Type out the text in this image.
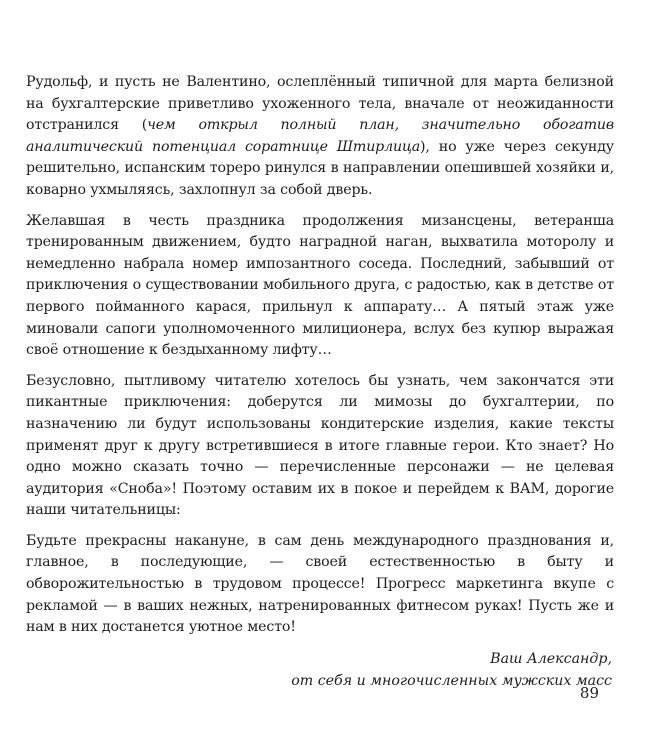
Рудольф, и пусть не Валентино, ослеплённый типичной для марта белизной на бухгалтерские приветливо ухоженного тела, вначале от неожиданности отстранился (чем открыл полный план, значительно обогатив аналитический потенциал соратнице Штирлица), но уже через секунду решительно, испанским тореро ринулся в направлении опешившей хозяйки и, коварно ухмыляясь, захлопнул за собой дверь.

Желавшая в честь праздника продолжения мизансцены, ветеранша тренированным движением, будто наградной наган, выхватила моторолу и немедленно набрала номер импозантного соседа. Последний, забывший от приключения о существовании мобильного друга, с радостью, как в детстве от первого пойманного карася, прильнул к аппарату… А пятый этаж уже миновали сапоги уполномоченного милиционера, вслух без купюр выражая своё отношение к бездыханному лифту…

Безусловно, пытливому читателю хотелось бы узнать, чем закончатся эти пикантные приключения: доберутся ли мимозы до бухгалтерии, по назначению ли будут использованы кондитерские изделия, какие тексты применят друг к другу встретившиеся в итоге главные герои. Кто знает? Но одно можно сказать точно — перечисленные персонажи — не целевая аудитория «Сноба»! Поэтому оставим их в покое и перейдем к ВАМ, дорогие наши читательницы:

Будьте прекрасны накануне, в сам день международного празднования и, главное, в последующие, — своей естественностью в быту и обворожительностью в трудовом процессе! Прогресс маркетинга вкупе с рекламой — в ваших нежных, натренированных фитнесом руках! Пусть же и нам в них достанется уютное место!

Ваш Александр,
от себя и многочисленных мужских масс
89
